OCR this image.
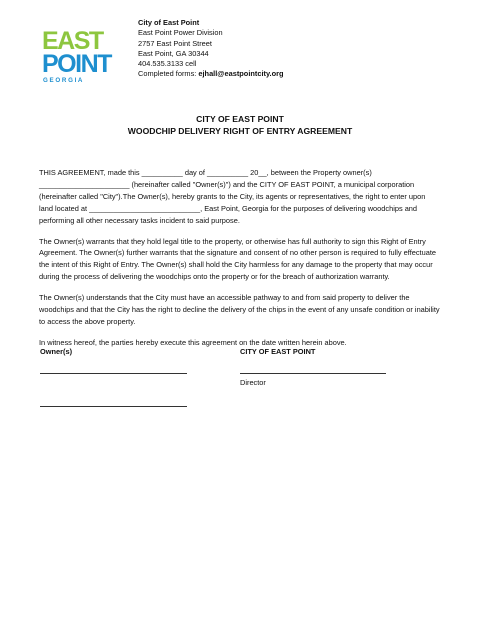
EAST
POINT
G E O R G I A
City of East Point
East Point Power Division
2757 East Point Street
East Point, GA 30344
404.535.3133 cell
Completed forms: ejhall@eastpointcity.org
CITY OF EAST POINT
WOODCHIP DELIVERY RIGHT OF ENTRY AGREEMENT

THIS AGREEMENT, made this __________ day of __________ 20__, between the Property owner(s) ______________________ (hereinafter called "Owner(s)") and the CITY OF EAST POINT, a municipal corporation (hereinafter called "City").The Owner(s), hereby grants to the City, its agents or representatives, the right to enter upon land located at ___________________________, East Point, Georgia for the purposes of delivering woodchips and performing all other necessary tasks incident to said purpose.

The Owner(s) warrants that they hold legal title to the property, or otherwise has full authority to sign this Right of Entry Agreement. The Owner(s) further warrants that the signature and consent of no other person is required to fully effectuate the intent of this Right of Entry. The Owner(s) shall hold the City harmless for any damage to the property that may occur during the process of delivering the woodchips onto the property or for the breach of authorization warranty.

The Owner(s) understands that the City must have an accessible pathway to and from said property to deliver the woodchips and that the City has the right to decline the delivery of the chips in the event of any unsafe condition or inability to access the above property.

In witness hereof, the parties hereby execute this agreement on the date written herein above.

Owner(s)	CITY OF EAST POINT
Director
